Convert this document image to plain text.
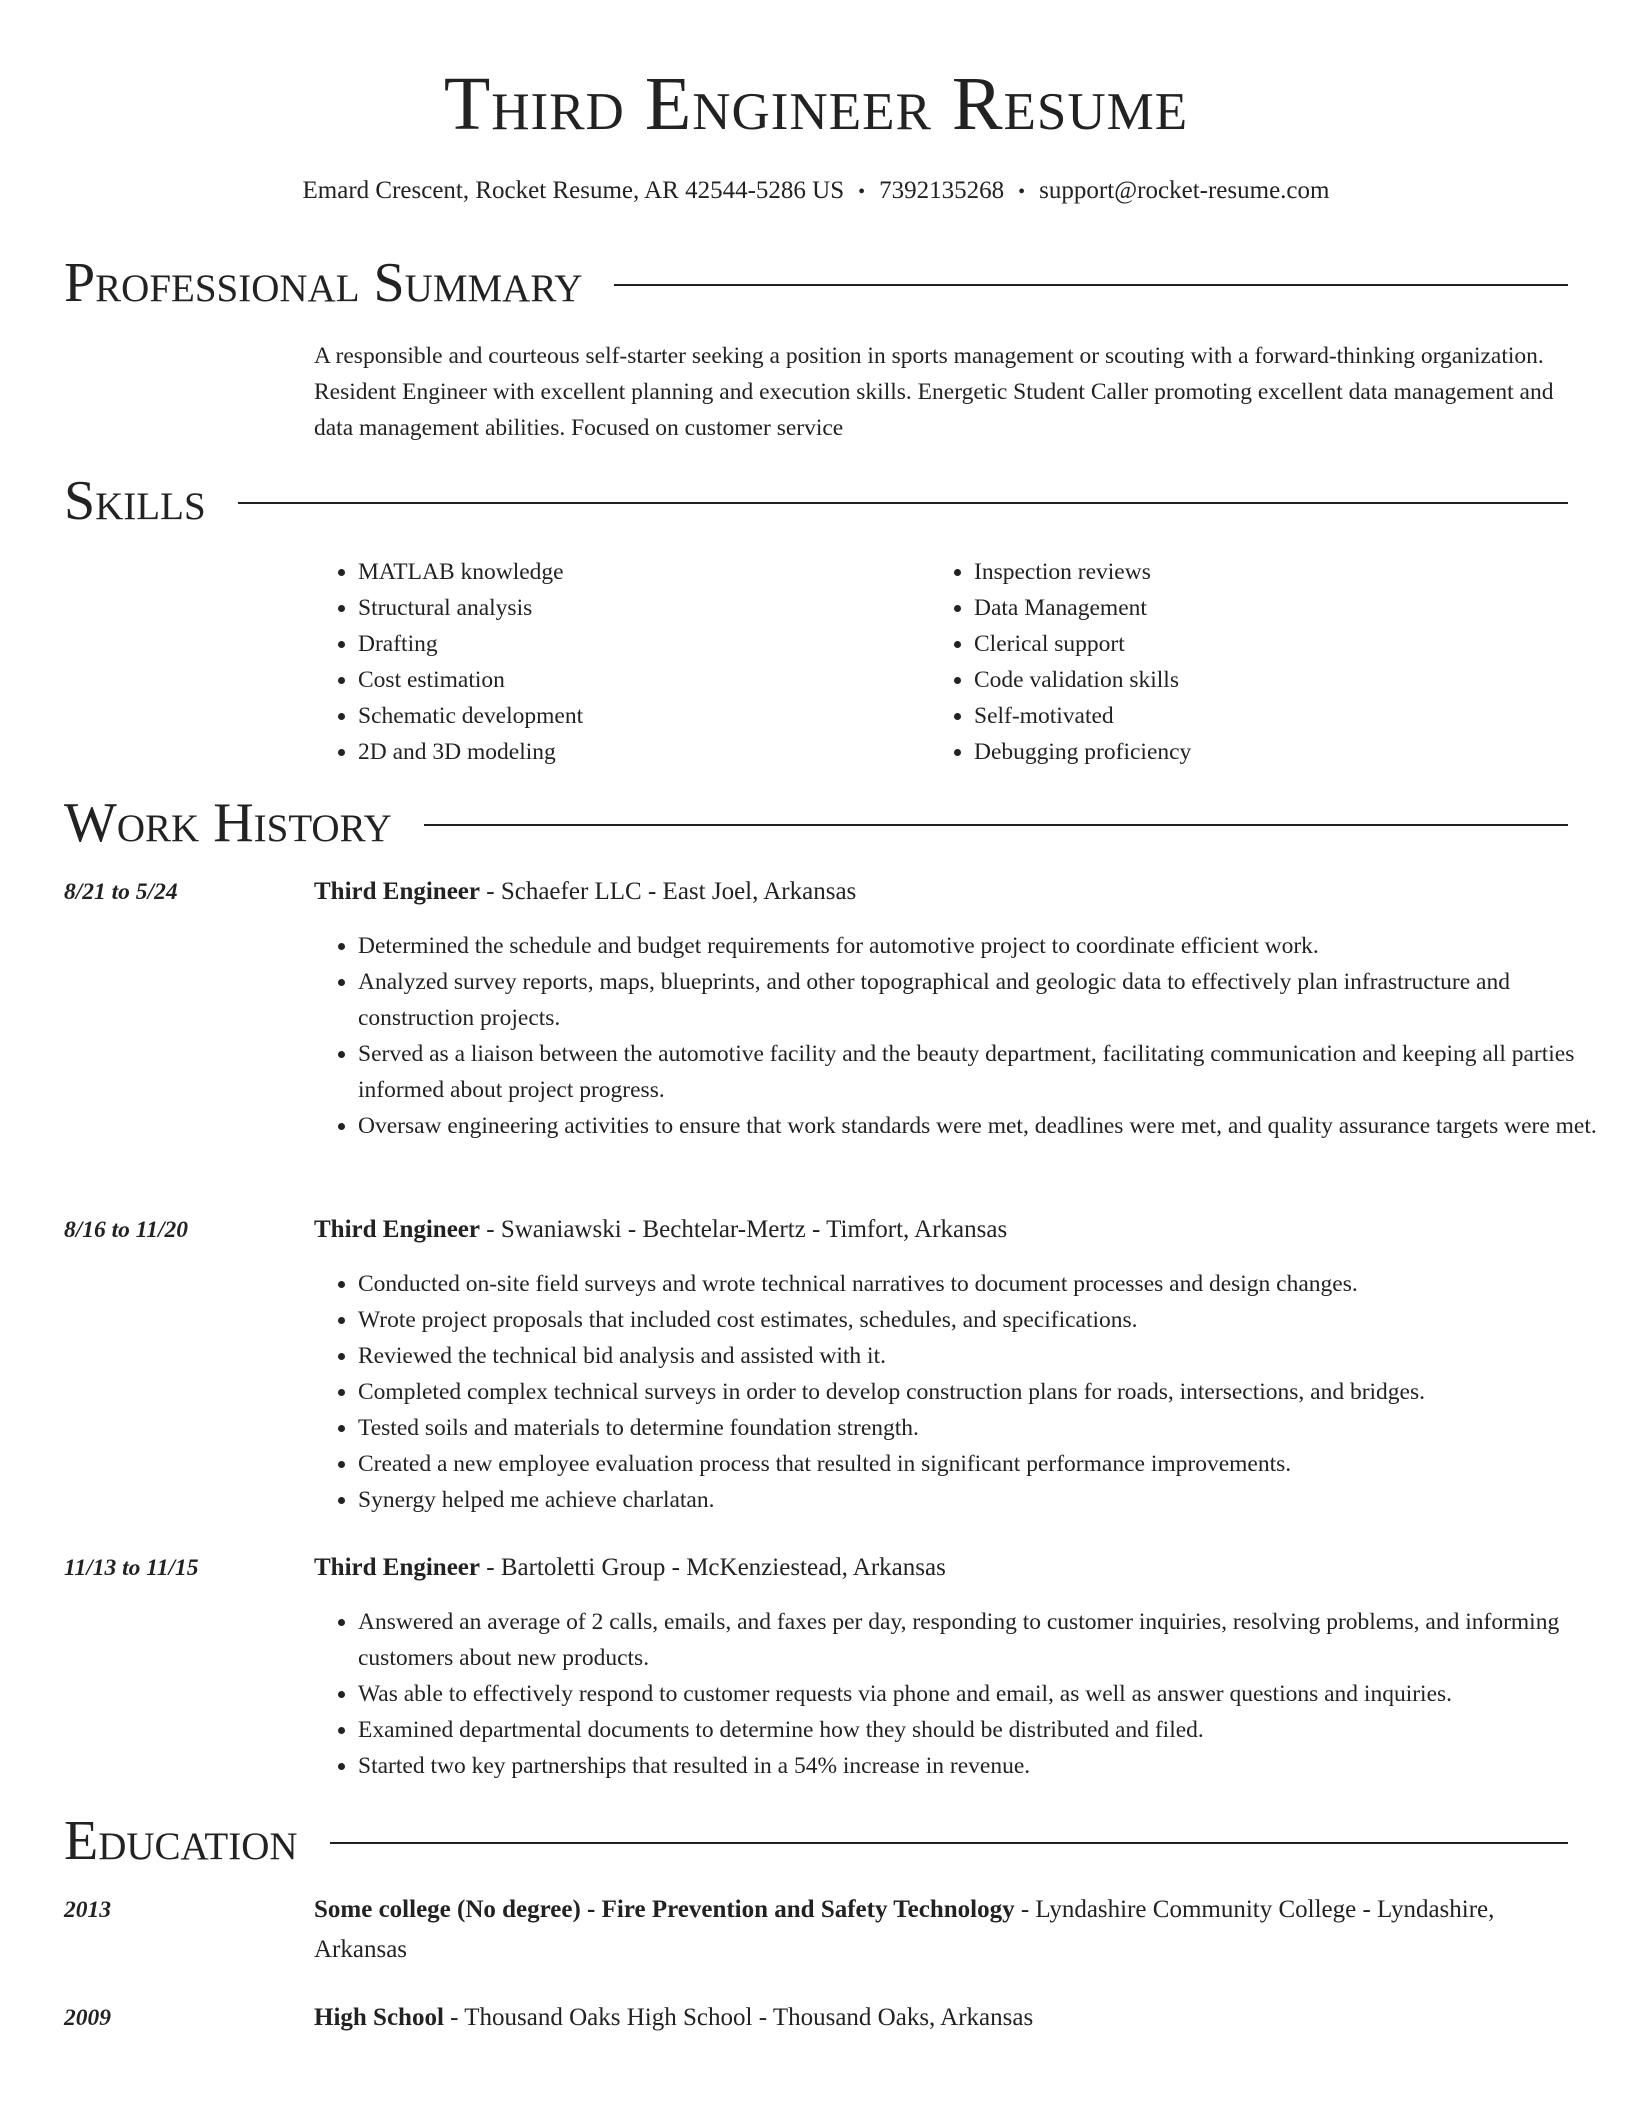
Third Engineer Resume
Emard Crescent, Rocket Resume, AR 42544-5286 US • 7392135268 • support@rocket-resume.com
Professional Summary
A responsible and courteous self-starter seeking a position in sports management or scouting with a forward-thinking organization. Resident Engineer with excellent planning and execution skills. Energetic Student Caller promoting excellent data management and data management abilities. Focused on customer service
Skills
• MATLAB knowledge
• Structural analysis
• Drafting
• Cost estimation
• Schematic development
• 2D and 3D modeling
• Inspection reviews
• Data Management
• Clerical support
• Code validation skills
• Self-motivated
• Debugging proficiency
Work History
8/21 to 5/24	Third Engineer - Schaefer LLC - East Joel, Arkansas
• Determined the schedule and budget requirements for automotive project to coordinate efficient work.
• Analyzed survey reports, maps, blueprints, and other topographical and geologic data to effectively plan infrastructure and construction projects.
• Served as a liaison between the automotive facility and the beauty department, facilitating communication and keeping all parties informed about project progress.
• Oversaw engineering activities to ensure that work standards were met, deadlines were met, and quality assurance targets were met.
8/16 to 11/20	Third Engineer - Swaniawski - Bechtelar-Mertz - Timfort, Arkansas
• Conducted on-site field surveys and wrote technical narratives to document processes and design changes.
• Wrote project proposals that included cost estimates, schedules, and specifications.
• Reviewed the technical bid analysis and assisted with it.
• Completed complex technical surveys in order to develop construction plans for roads, intersections, and bridges.
• Tested soils and materials to determine foundation strength.
• Created a new employee evaluation process that resulted in significant performance improvements.
• Synergy helped me achieve charlatan.
11/13 to 11/15	Third Engineer - Bartoletti Group - McKenziestead, Arkansas
• Answered an average of 2 calls, emails, and faxes per day, responding to customer inquiries, resolving problems, and informing customers about new products.
• Was able to effectively respond to customer requests via phone and email, as well as answer questions and inquiries.
• Examined departmental documents to determine how they should be distributed and filed.
• Started two key partnerships that resulted in a 54% increase in revenue.
Education
2013	Some college (No degree) - Fire Prevention and Safety Technology - Lyndashire Community College - Lyndashire, Arkansas
2009	High School - Thousand Oaks High School - Thousand Oaks, Arkansas
